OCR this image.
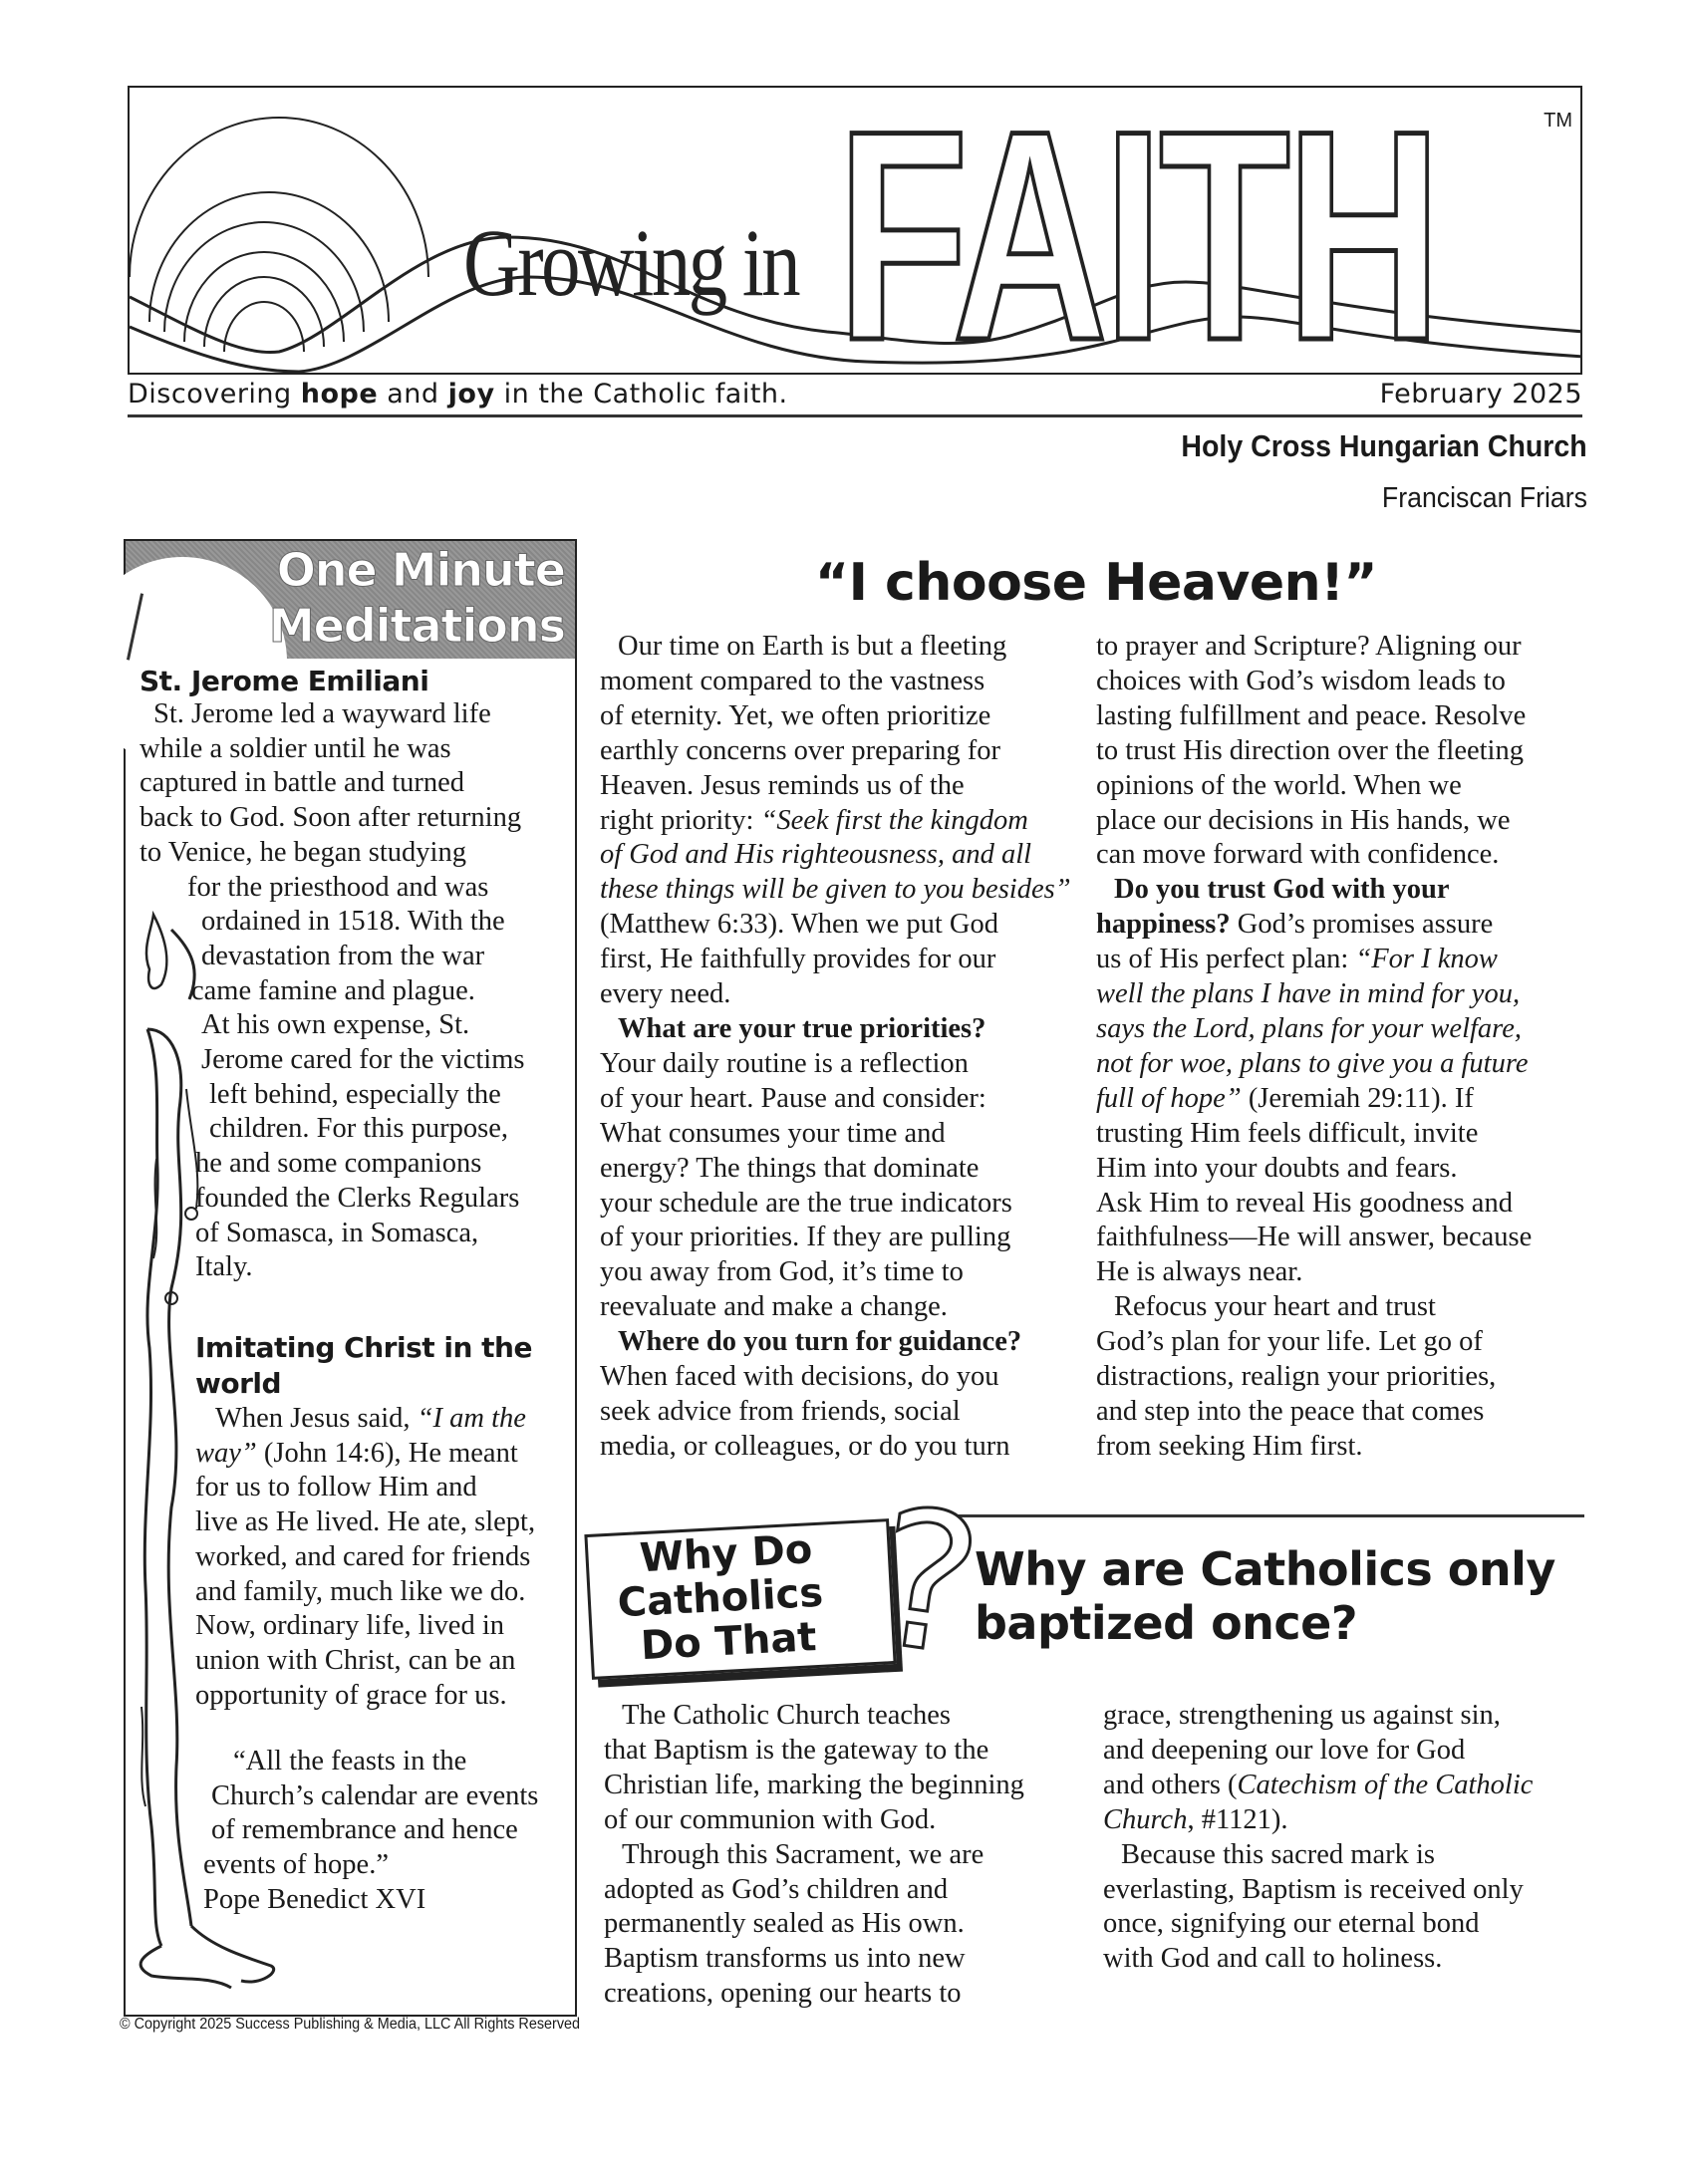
Growing in FAITH	TM
Discovering hope and joy in the Catholic faith.	February 2025
Holy Cross Hungarian Church
Franciscan Friars
One Minute
Meditations
St. Jerome Emiliani
St. Jerome led a wayward life
while a soldier until he was
captured in battle and turned
back to God. Soon after returning
to Venice, he began studying
for the priesthood and was
ordained in 1518. With the
devastation from the war
came famine and plague.
At his own expense, St.
Jerome cared for the victims
left behind, especially the
children. For this purpose,
he and some companions
founded the Clerks Regulars
of Somasca, in Somasca,
Italy.
Imitating Christ in the
world
When Jesus said, “I am the
way” (John 14:6), He meant
for us to follow Him and
live as He lived. He ate, slept,
worked, and cared for friends
and family, much like we do.
Now, ordinary life, lived in
union with Christ, can be an
opportunity of grace for us.
“All the feasts in the
Church’s calendar are events
of remembrance and hence
events of hope.”
Pope Benedict XVI
“I choose Heaven!”
Our time on Earth is but a fleeting
moment compared to the vastness
of eternity. Yet, we often prioritize
earthly concerns over preparing for
Heaven. Jesus reminds us of the
right priority: “Seek first the kingdom
of God and His righteousness, and all
these things will be given to you besides”
(Matthew 6:33). When we put God
first, He faithfully provides for our
every need.
What are your true priorities?
Your daily routine is a reflection
of your heart. Pause and consider:
What consumes your time and
energy? The things that dominate
your schedule are the true indicators
of your priorities. If they are pulling
you away from God, it’s time to
reevaluate and make a change.
Where do you turn for guidance?
When faced with decisions, do you
seek advice from friends, social
media, or colleagues, or do you turn
to prayer and Scripture? Aligning our
choices with God’s wisdom leads to
lasting fulfillment and peace. Resolve
to trust His direction over the fleeting
opinions of the world. When we
place our decisions in His hands, we
can move forward with confidence.
Do you trust God with your
happiness? God’s promises assure
us of His perfect plan: “For I know
well the plans I have in mind for you,
says the Lord, plans for your welfare,
not for woe, plans to give you a future
full of hope” (Jeremiah 29:11). If
trusting Him feels difficult, invite
Him into your doubts and fears.
Ask Him to reveal His goodness and
faithfulness—He will answer, because
He is always near.
Refocus your heart and trust
God’s plan for your life. Let go of
distractions, realign your priorities,
and step into the peace that comes
from seeking Him first.
Why Do
Catholics
Do That ?
Why are Catholics only
baptized once?
The Catholic Church teaches
that Baptism is the gateway to the
Christian life, marking the beginning
of our communion with God.
Through this Sacrament, we are
adopted as God’s children and
permanently sealed as His own.
Baptism transforms us into new
creations, opening our hearts to
grace, strengthening us against sin,
and deepening our love for God
and others (Catechism of the Catholic
Church, #1121).
Because this sacred mark is
everlasting, Baptism is received only
once, signifying our eternal bond
with God and call to holiness.
© Copyright 2025 Success Publishing & Media, LLC All Rights Reserved
